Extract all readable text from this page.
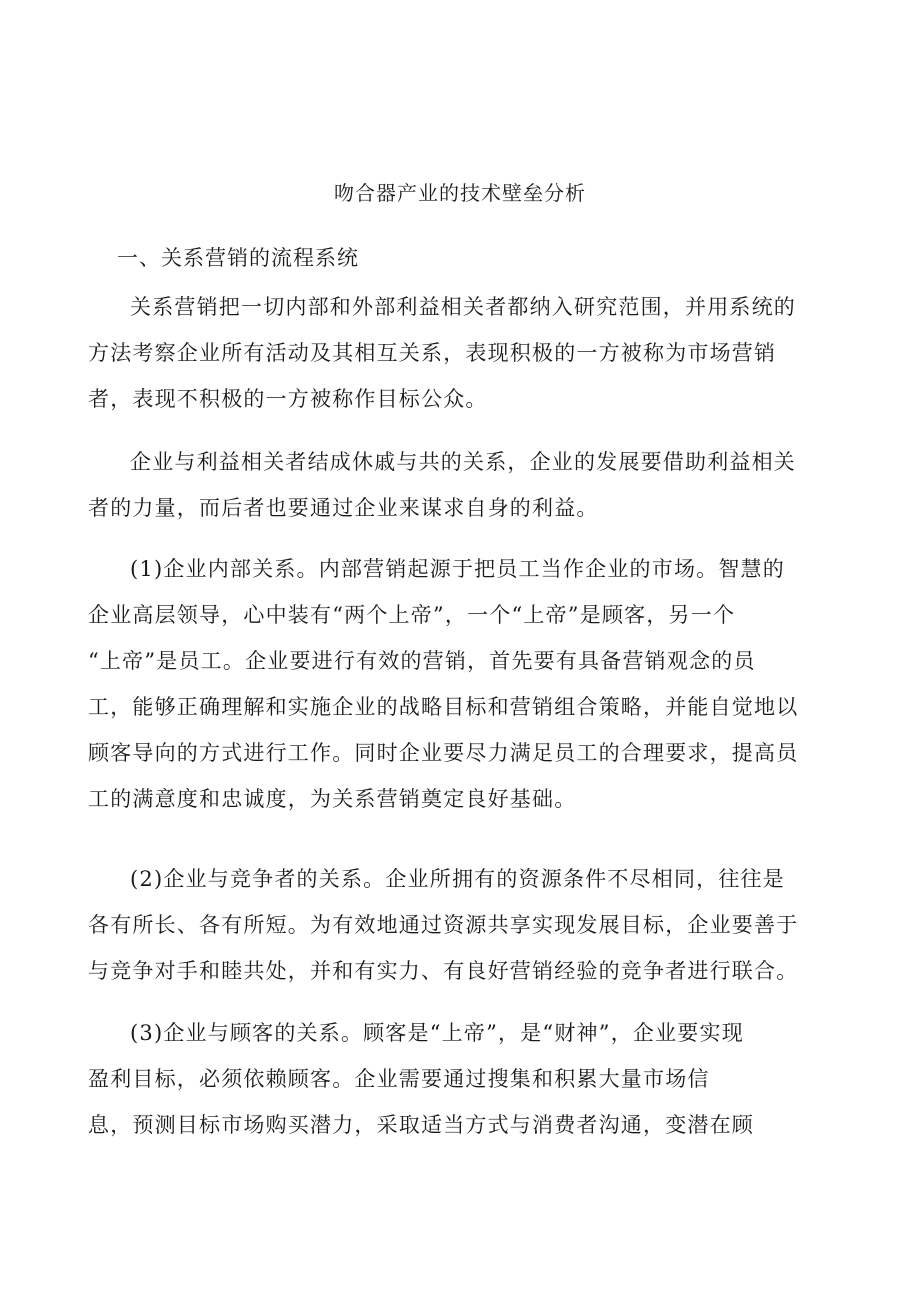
吻合器产业的技术壁垒分析
一、关系营销的流程系统
关系营销把一切内部和外部利益相关者都纳入研究范围，并用系统的
方法考察企业所有活动及其相互关系，表现积极的一方被称为市场营销
者，表现不积极的一方被称作目标公众。
企业与利益相关者结成休戚与共的关系，企业的发展要借助利益相关
者的力量，而后者也要通过企业来谋求自身的利益。
(1)企业内部关系。内部营销起源于把员工当作企业的市场。智慧的
企业高层领导，心中装有“两个上帝”，一个“上帝”是顾客，另一个
“上帝”是员工。企业要进行有效的营销，首先要有具备营销观念的员
工，能够正确理解和实施企业的战略目标和营销组合策略，并能自觉地以
顾客导向的方式进行工作。同时企业要尽力满足员工的合理要求，提高员
工的满意度和忠诚度，为关系营销奠定良好基础。
(2)企业与竞争者的关系。企业所拥有的资源条件不尽相同，往往是
各有所长、各有所短。为有效地通过资源共享实现发展目标，企业要善于
与竞争对手和睦共处，并和有实力、有良好营销经验的竞争者进行联合。
(3)企业与顾客的关系。顾客是“上帝”，是“财神”，企业要实现
盈利目标，必须依赖顾客。企业需要通过搜集和积累大量市场信
息，预测目标市场购买潜力，采取适当方式与消费者沟通，变潜在顾
